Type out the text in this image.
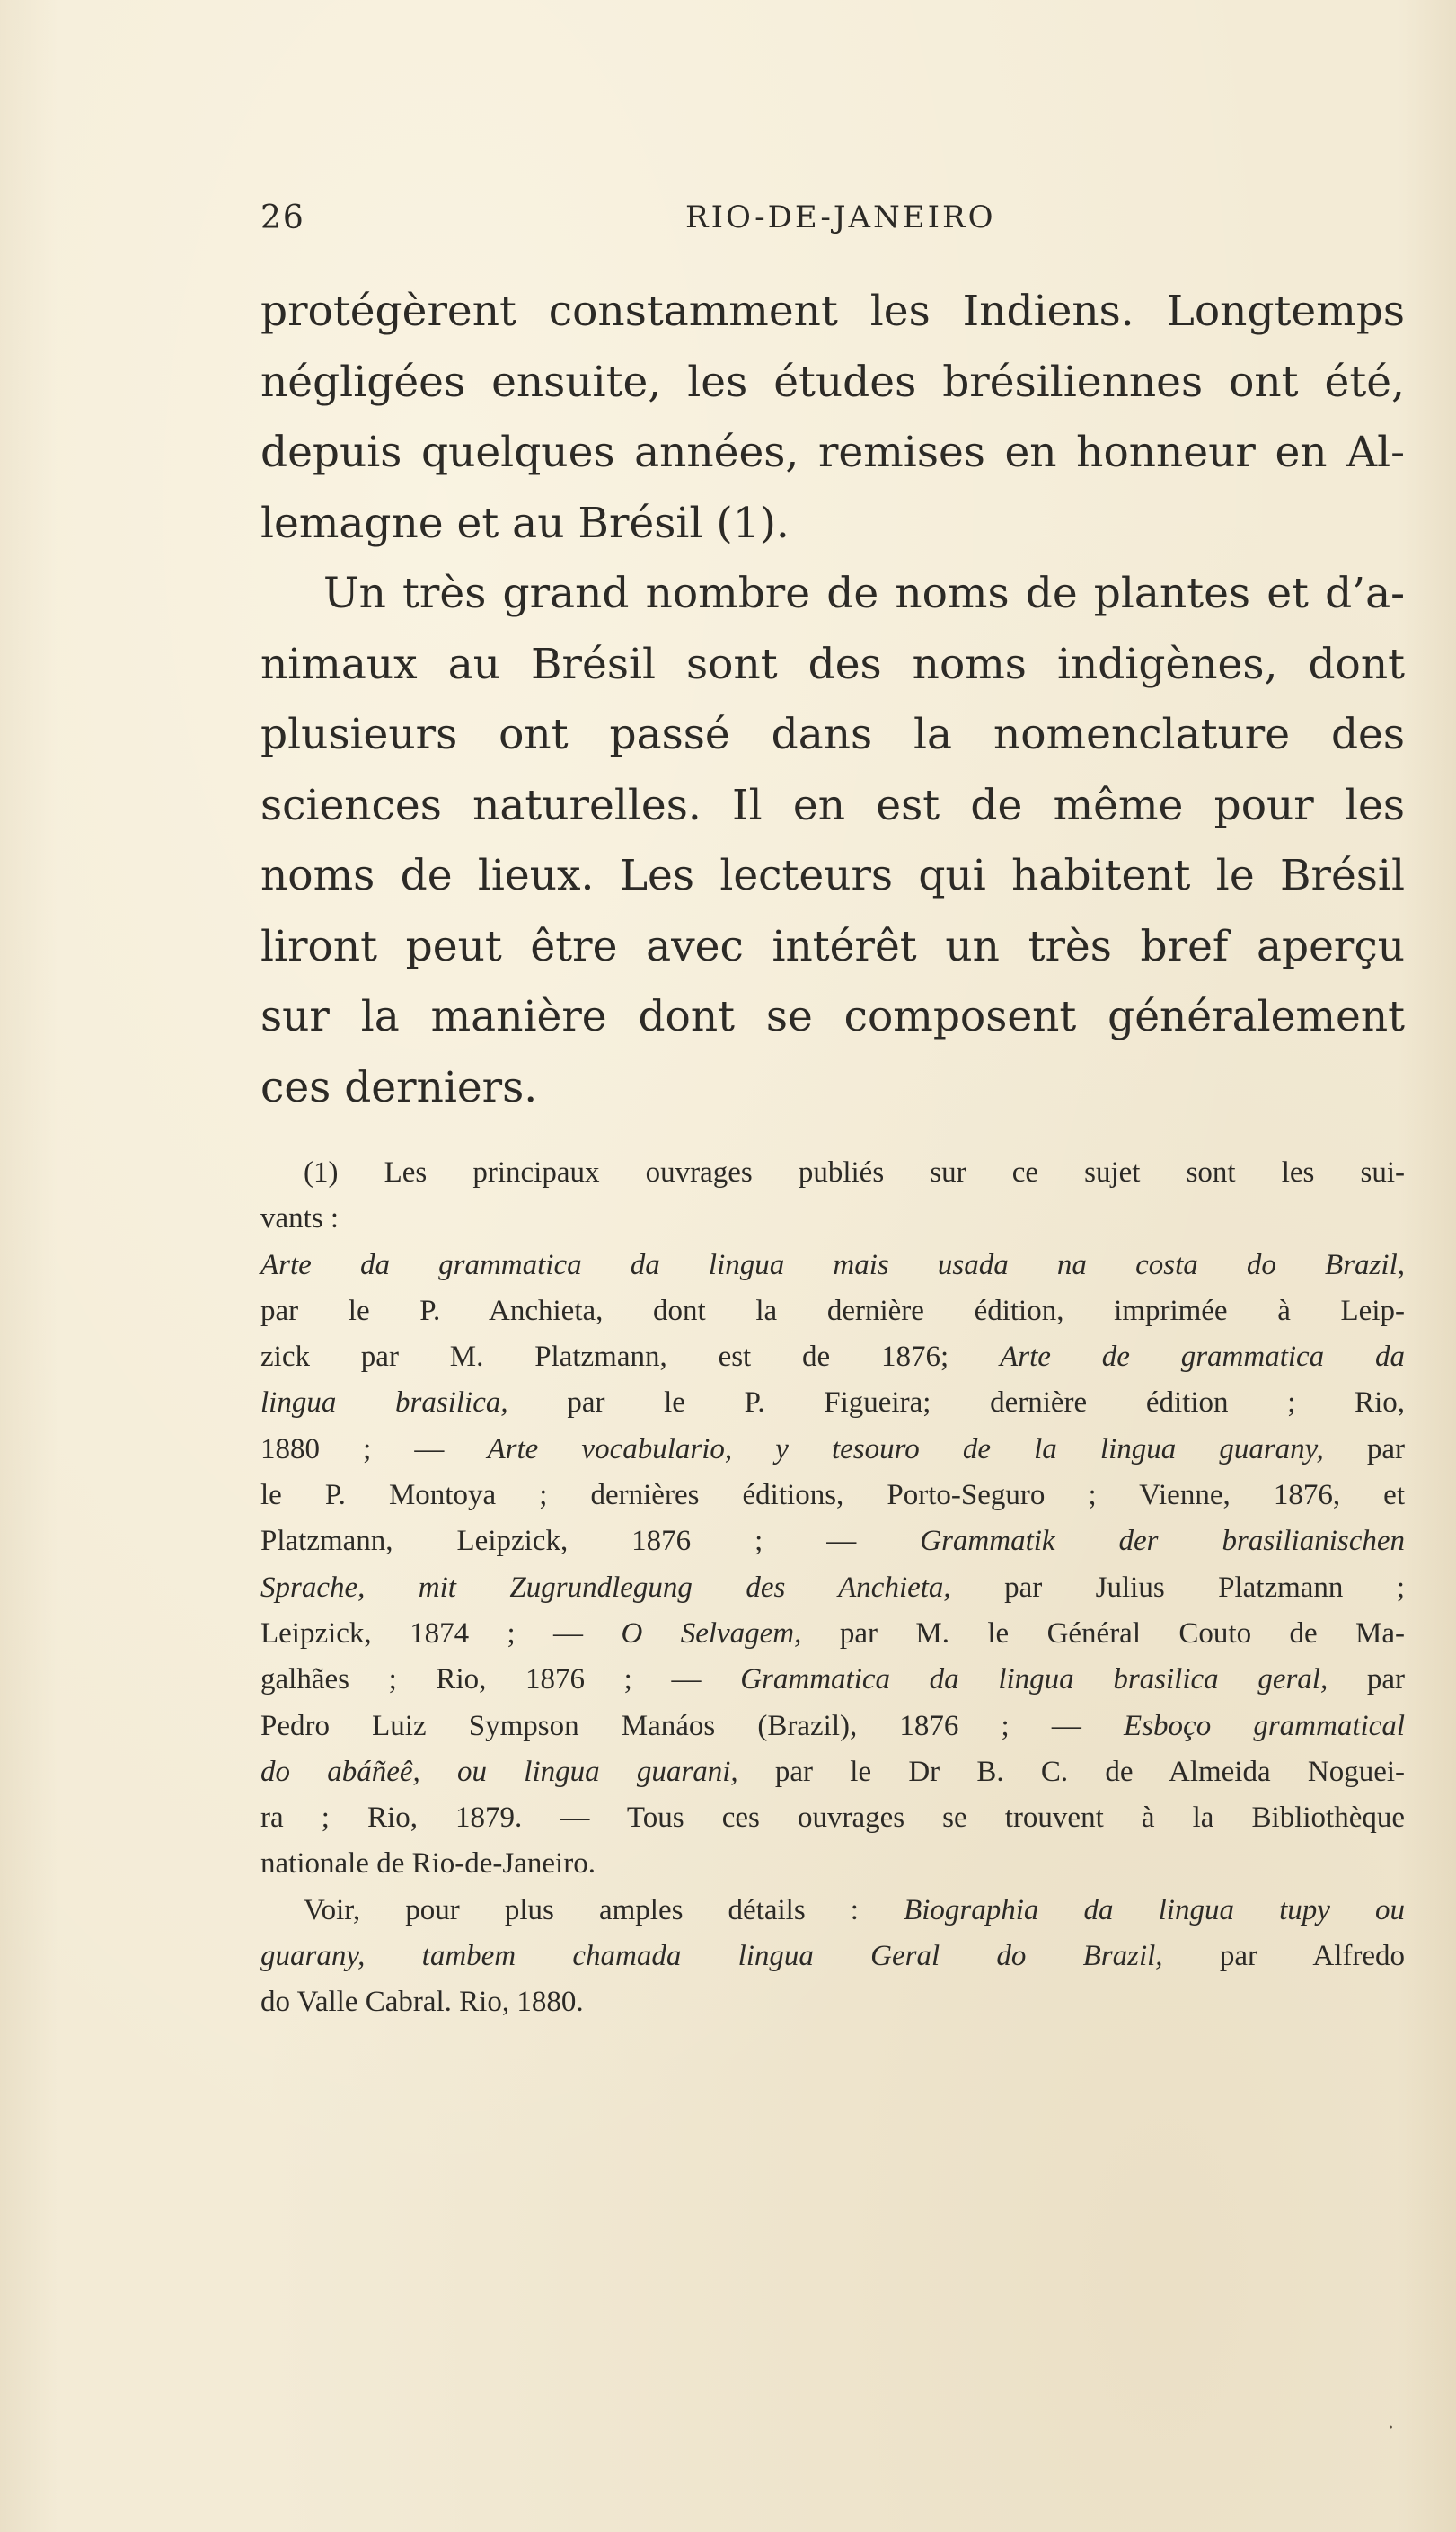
26	RIO-DE-JANEIRO
protégèrent constamment les Indiens. Longtemps
négligées ensuite, les études brésiliennes ont été,
depuis quelques années, remises en honneur en Al-
lemagne et au Brésil (1).
Un très grand nombre de noms de plantes et d’a-
nimaux au Brésil sont des noms indigènes, dont
plusieurs ont passé dans la nomenclature des
sciences naturelles. Il en est de même pour les
noms de lieux. Les lecteurs qui habitent le Brésil
liront peut être avec intérêt un très bref aperçu
sur la manière dont se composent généralement
ces derniers.
(1) Les principaux ouvrages publiés sur ce sujet sont les sui-
vants :
Arte da grammatica da lingua mais usada na costa do Brazil,
par le P. Anchieta, dont la dernière édition, imprimée à Leip-
zick par M. Platzmann, est de 1876; Arte de grammatica da
lingua brasilica, par le P. Figueira; dernière édition ; Rio,
1880 ; — Arte vocabulario, y tesouro de la lingua guarany, par
le P. Montoya ; dernières éditions, Porto-Seguro ; Vienne, 1876, et
Platzmann, Leipzick, 1876 ; — Grammatik der brasilianischen
Sprache, mit Zugrundlegung des Anchieta, par Julius Platzmann ;
Leipzick, 1874 ; — O Selvagem, par M. le Général Couto de Ma-
galhães ; Rio, 1876 ; — Grammatica da lingua brasilica geral, par
Pedro Luiz Sympson Manáos (Brazil), 1876 ; — Esboço grammatical
do abáñeê, ou lingua guarani, par le Dr B. C. de Almeida Noguei-
ra ; Rio, 1879. — Tous ces ouvrages se trouvent à la Bibliothèque
nationale de Rio-de-Janeiro.
Voir, pour plus amples détails : Biographia da lingua tupy ou
guarany, tambem chamada lingua Geral do Brazil, par Alfredo
do Valle Cabral. Rio, 1880.
·
